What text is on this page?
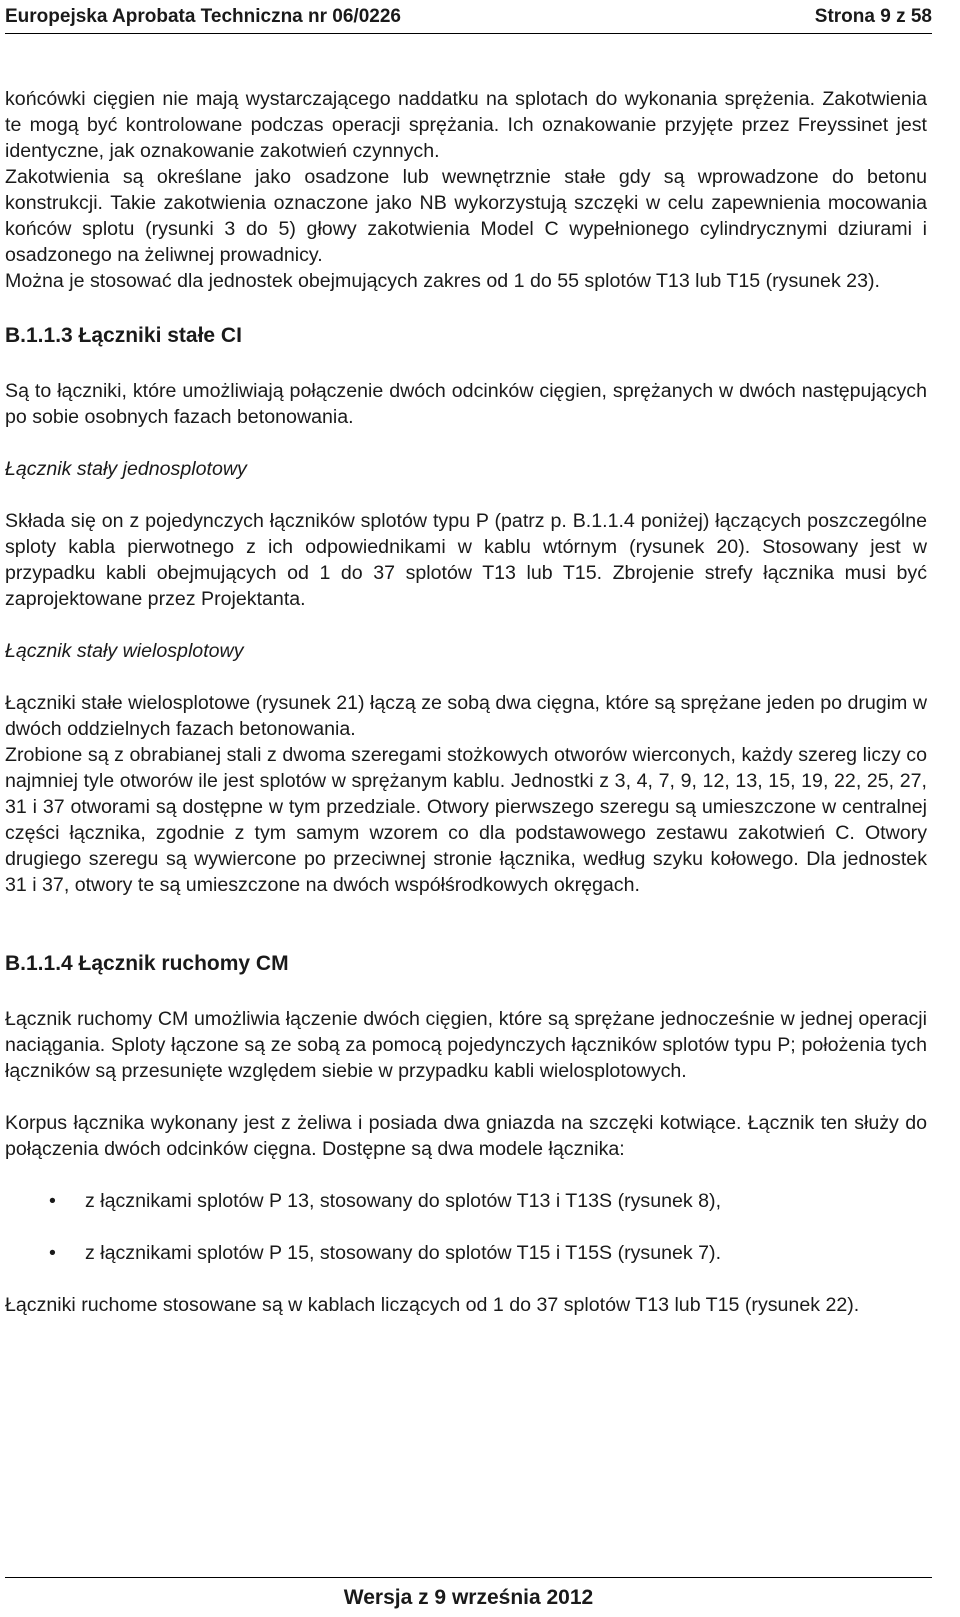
Europejska Aprobata Techniczna nr 06/0226	Strona 9 z 58

końcówki cięgien nie mają wystarczającego naddatku na splotach do wykonania sprężenia. Zakotwienia te mogą być kontrolowane podczas operacji sprężania. Ich oznakowanie przyjęte przez Freyssinet jest identyczne, jak oznakowanie zakotwień czynnych.

Zakotwienia są określane jako osadzone lub wewnętrznie stałe gdy są wprowadzone do betonu konstrukcji. Takie zakotwienia oznaczone jako NB wykorzystują szczęki w celu zapewnienia mocowania końców splotu (rysunki 3 do 5) głowy zakotwienia Model C wypełnionego cylindrycznymi dziurami i osadzonego na żeliwnej prowadnicy.

Można je stosować dla jednostek obejmujących zakres od 1 do 55 splotów T13 lub T15 (rysunek 23).

B.1.1.3 Łączniki stałe CI

Są to łączniki, które umożliwiają połączenie dwóch odcinków cięgien, sprężanych w dwóch następujących po sobie osobnych fazach betonowania.

Łącznik stały jednosplotowy

Składa się on z pojedynczych łączników splotów typu P (patrz p. B.1.1.4 poniżej) łączących poszczególne sploty kabla pierwotnego z ich odpowiednikami w kablu wtórnym (rysunek 20). Stosowany jest w przypadku kabli obejmujących od 1 do 37 splotów T13 lub T15. Zbrojenie strefy łącznika musi być zaprojektowane przez Projektanta.

Łącznik stały wielosplotowy

Łączniki stałe wielosplotowe (rysunek 21) łączą ze sobą dwa cięgna, które są sprężane jeden po drugim w dwóch oddzielnych fazach betonowania.

Zrobione są z obrabianej stali z dwoma szeregami stożkowych otworów wierconych, każdy szereg liczy co najmniej tyle otworów ile jest splotów w sprężanym kablu. Jednostki z 3, 4, 7, 9, 12, 13, 15, 19, 22, 25, 27, 31 i 37 otworami są dostępne w tym przedziale. Otwory pierwszego szeregu są umieszczone w centralnej części łącznika, zgodnie z tym samym wzorem co dla podstawowego zestawu zakotwień C. Otwory drugiego szeregu są wywiercone po przeciwnej stronie łącznika, według szyku kołowego. Dla jednostek 31 i 37, otwory te są umieszczone na dwóch współśrodkowych okręgach.

B.1.1.4 Łącznik ruchomy CM

Łącznik ruchomy CM umożliwia łączenie dwóch cięgien, które są sprężane jednocześnie w jednej operacji naciągania. Sploty łączone są ze sobą za pomocą pojedynczych łączników splotów typu P; położenia tych łączników są przesunięte względem siebie w przypadku kabli wielosplotowych.

Korpus łącznika wykonany jest z żeliwa i posiada dwa gniazda na szczęki kotwiące. Łącznik ten służy do połączenia dwóch odcinków cięgna. Dostępne są dwa modele łącznika:

• z łącznikami splotów P 13, stosowany do splotów T13 i T13S (rysunek 8),
• z łącznikami splotów P 15, stosowany do splotów T15 i T15S (rysunek 7).

Łączniki ruchome stosowane są w kablach liczących od 1 do 37 splotów T13 lub T15 (rysunek 22).

Wersja z 9 września 2012
